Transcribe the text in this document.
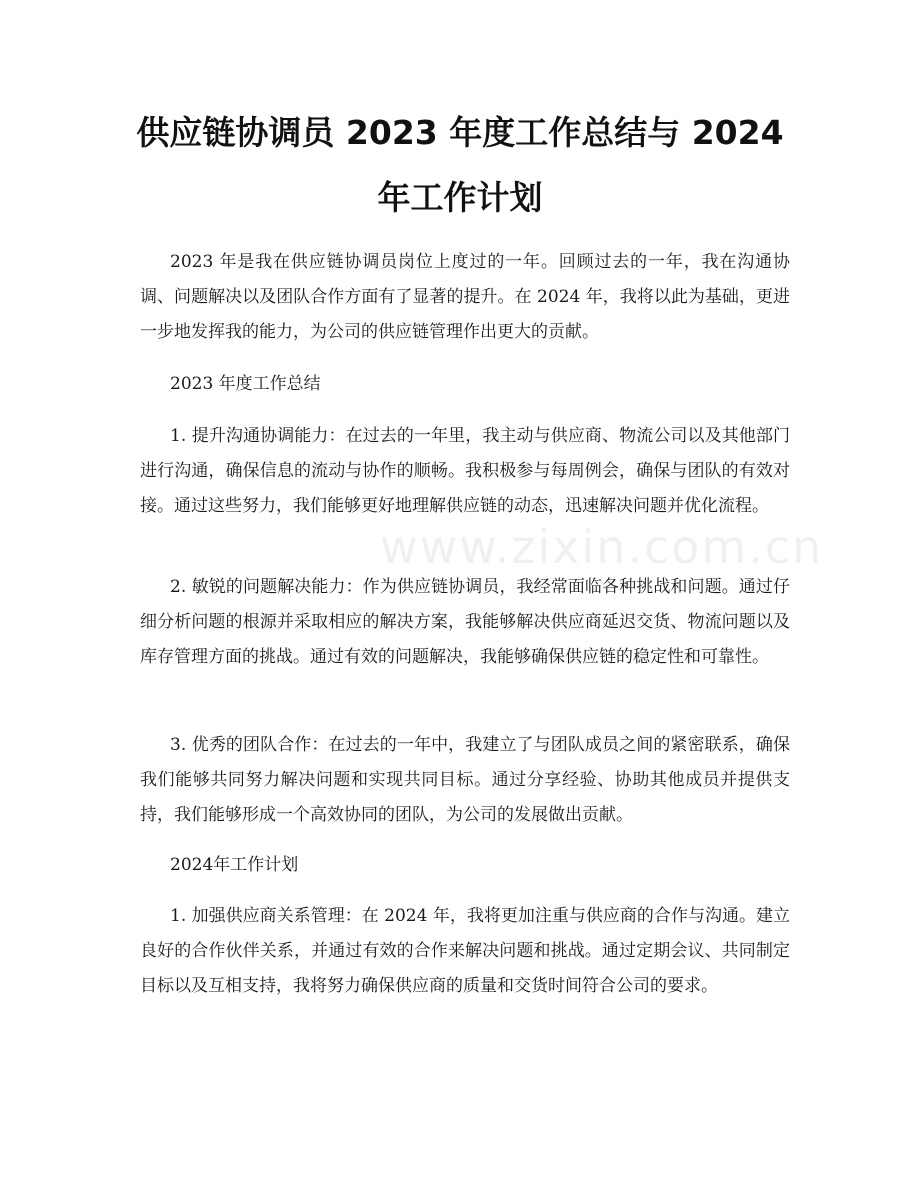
供应链协调员 2023 年度工作总结与 2024 年工作计划

2023 年是我在供应链协调员岗位上度过的一年。回顾过去的一年，我在沟通协调、问题解决以及团队合作方面有了显著的提升。在 2024 年，我将以此为基础，更进一步地发挥我的能力，为公司的供应链管理作出更大的贡献。

2023 年度工作总结

1. 提升沟通协调能力：在过去的一年里，我主动与供应商、物流公司以及其他部门进行沟通，确保信息的流动与协作的顺畅。我积极参与每周例会，确保与团队的有效对接。通过这些努力，我们能够更好地理解供应链的动态，迅速解决问题并优化流程。

2. 敏锐的问题解决能力：作为供应链协调员，我经常面临各种挑战和问题。通过仔细分析问题的根源并采取相应的解决方案，我能够解决供应商延迟交货、物流问题以及库存管理方面的挑战。通过有效的问题解决，我能够确保供应链的稳定性和可靠性。

3. 优秀的团队合作：在过去的一年中，我建立了与团队成员之间的紧密联系，确保我们能够共同努力解决问题和实现共同目标。通过分享经验、协助其他成员并提供支持，我们能够形成一个高效协同的团队，为公司的发展做出贡献。

2024年工作计划

1. 加强供应商关系管理：在 2024 年，我将更加注重与供应商的合作与沟通。建立良好的合作伙伴关系，并通过有效的合作来解决问题和挑战。通过定期会议、共同制定目标以及互相支持，我将努力确保供应商的质量和交货时间符合公司的要求。

www.zixin.com.cn
